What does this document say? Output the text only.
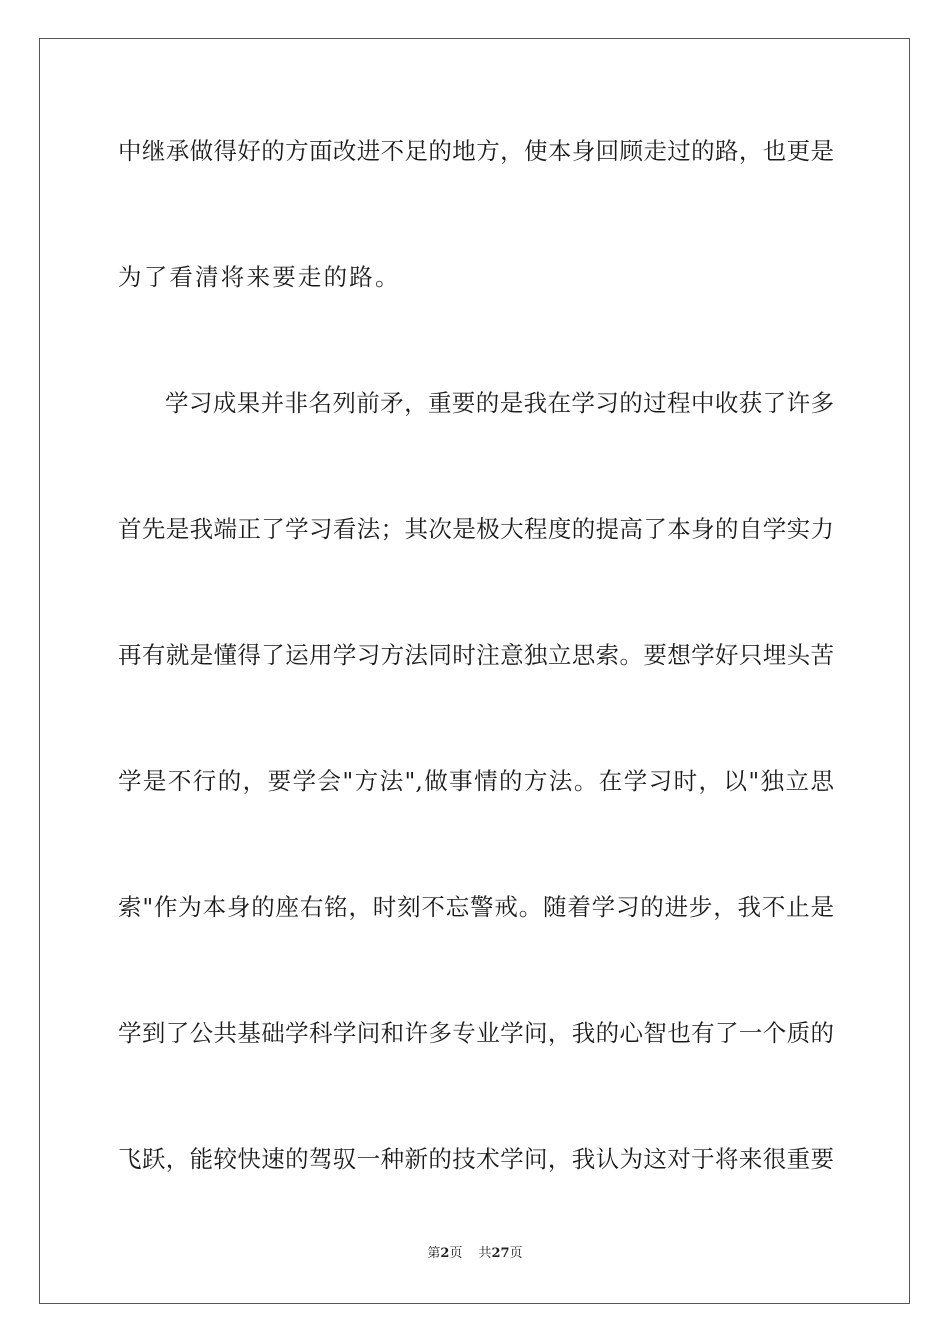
中继承做得好的方面改进不足的地方，使本身回顾走过的路，也更是
为了看清将来要走的路。
学习成果并非名列前矛，重要的是我在学习的过程中收获了许多
首先是我端正了学习看法；其次是极大程度的提高了本身的自学实力
再有就是懂得了运用学习方法同时注意独立思索。要想学好只埋头苦
学是不行的，要学会"方法",做事情的方法。在学习时，以"独立思
索"作为本身的座右铭，时刻不忘警戒。随着学习的进步，我不止是
学到了公共基础学科学问和许多专业学问，我的心智也有了一个质的
飞跃，能较快速的驾驭一种新的技术学问，我认为这对于将来很重要
第2页 共27页
